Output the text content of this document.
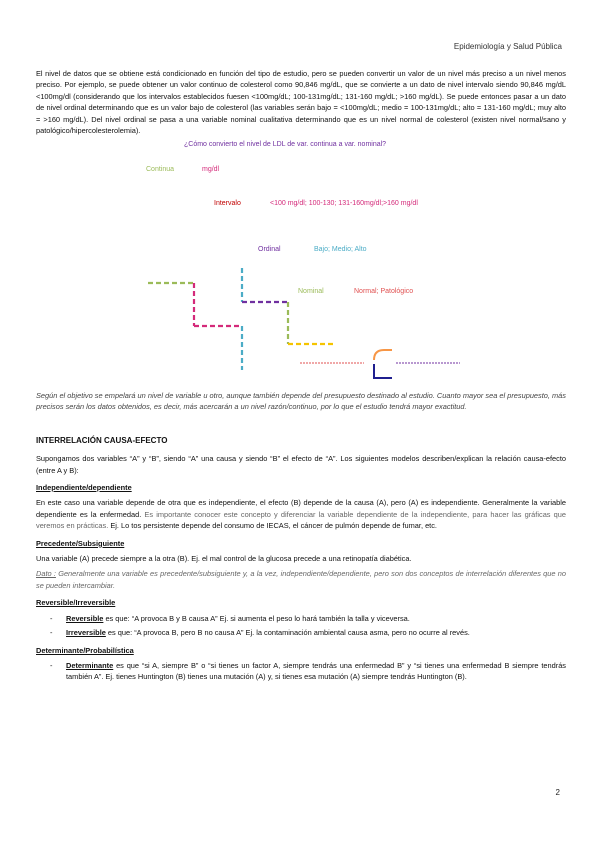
Epidemiología y Salud Pública

El nivel de datos que se obtiene está condicionado en función del tipo de estudio, pero se pueden convertir un valor de un nivel más preciso a un nivel menos preciso. Por ejemplo, se puede obtener un valor continuo de colesterol como 90,846 mg/dL, que se convierte a un dato de nivel intervalo siendo 90,846 mg/dL <100mg/dl (considerando que los intervalos establecidos fuesen <100mg/dL; 100-131mg/dL; 131-160 mg/dL; >160 mg/dL). Se puede entonces pasar a un dato de nivel ordinal determinando que es un valor bajo de colesterol (las variables serán bajo = <100mg/dL; medio = 100-131mg/dL; alto = 131-160 mg/dL; muy alto = >160 mg/dL). Del nivel ordinal se pasa a una variable nominal cualitativa determinando que es un nivel normal de colesterol (existen nivel normal/sano y patológico/hipercolesterolemia).

¿Cómo convierto el nivel de LDL de var. continua a var. nominal?
Continua	mg/dl
Intervalo	<100 mg/dl; 100-130; 131-160mg/dl;>160 mg/dl
Ordinal	Bajo; Medio; Alto
Nominal	Normal; Patológico

Según el objetivo se empelará un nivel de variable u otro, aunque también depende del presupuesto destinado al estudio. Cuanto mayor sea el presupuesto, más precisos serán los datos obtenidos, es decir, más acercarán a un nivel razón/continuo, por lo que el estudio tendrá mayor exactitud.

INTERRELACIÓN CAUSA-EFECTO

Supongamos dos variables “A” y “B”, siendo “A” una causa y siendo “B” el efecto de “A”. Los siguientes modelos describen/explican la relación causa-efecto (entre A y B):

Independiente/dependiente

En este caso una variable depende de otra que es independiente, el efecto (B) depende de la causa (A), pero (A) es independiente. Generalmente la variable dependiente es la enfermedad. Es importante conocer este concepto y diferenciar la variable dependiente de la independiente, para hacer las gráficas que veremos en prácticas. Ej. Lo tos persistente depende del consumo de IECAS, el cáncer de pulmón depende de fumar, etc.

Precedente/Subsiguiente

Una variable (A) precede siempre a la otra (B). Ej. el mal control de la glucosa precede a una retinopatía diabética.

Dato : Generalmente una variable es precedente/subsiguiente y, a la vez, independiente/dependiente, pero son dos conceptos de interrelación diferentes que no se pueden intercambiar.

Reversible/Irreversible
- Reversible es que: “A provoca B y B causa A” Ej. si aumenta el peso lo hará también la talla y viceversa.
- Irreversible es que: “A provoca B, pero B no causa A” Ej. la contaminación ambiental causa asma, pero no ocurre al revés.
Determinante/Probabilística
- Determinante es que “si A, siempre B” o “si tienes un factor A, siempre tendrás una enfermedad B” y “si tienes una enfermedad B siempre tendrás también A”. Ej. tienes Huntington (B) tienes una mutación (A) y, si tienes esa mutación (A) siempre tendrás Huntington (B).
2
